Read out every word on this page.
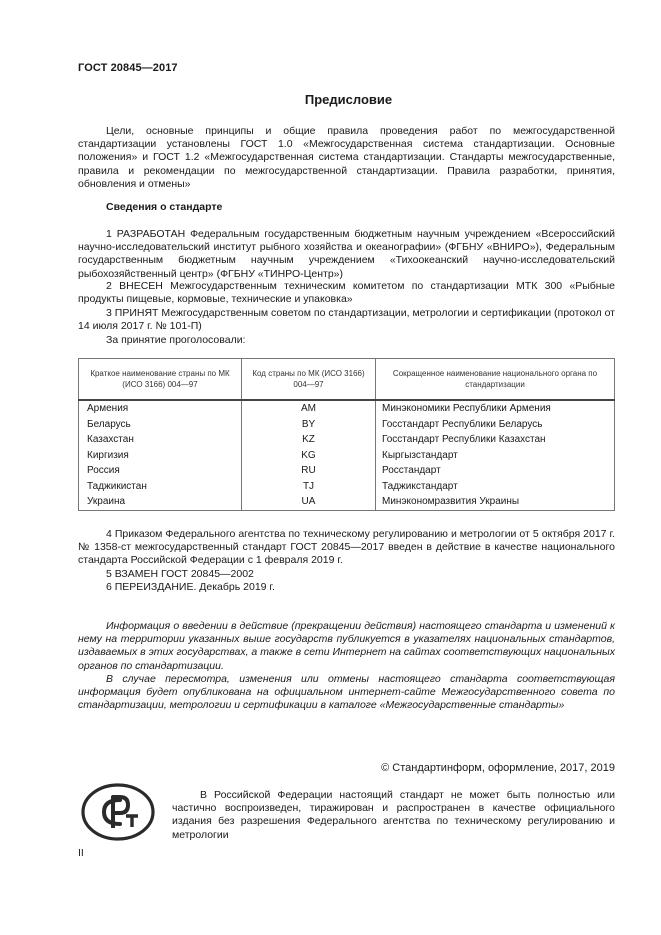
ГОСТ 20845—2017
Предисловие
Цели, основные принципы и общие правила проведения работ по межгосударственной стандартизации установлены ГОСТ 1.0 «Межгосударственная система стандартизации. Основные положения» и ГОСТ 1.2 «Межгосударственная система стандартизации. Стандарты межгосударственные, правила и рекомендации по межгосударственной стандартизации. Правила разработки, принятия, обновления и отмены»
Сведения о стандарте
1 РАЗРАБОТАН Федеральным государственным бюджетным научным учреждением «Всероссийский научно-исследовательский институт рыбного хозяйства и океанографии» (ФГБНУ «ВНИРО»), Федеральным государственным бюджетным научным учреждением «Тихоокеанский научно-исследовательский рыбохозяйственный центр» (ФГБНУ «ТИНРО-Центр»)
2 ВНЕСЕН Межгосударственным техническим комитетом по стандартизации МТК 300 «Рыбные продукты пищевые, кормовые, технические и упаковка»
3 ПРИНЯТ Межгосударственным советом по стандартизации, метрологии и сертификации (протокол от 14 июля 2017 г. № 101-П)
За принятие проголосовали:
Краткое наименование страны по МК (ИСО 3166) 004—97	Код страны по МК (ИСО 3166) 004—97	Сокращенное наименование национального органа по стандартизации
Армения	AM	Минэкономики Республики Армения
Беларусь	BY	Госстандарт Республики Беларусь
Казахстан	KZ	Госстандарт Республики Казахстан
Киргизия	KG	Кыргызстандарт
Россия	RU	Росстандарт
Таджикистан	TJ	Таджикстандарт
Украина	UA	Минэкономразвития Украины
4 Приказом Федерального агентства по техническому регулированию и метрологии от 5 октября 2017 г. № 1358-ст межгосударственный стандарт ГОСТ 20845—2017 введен в действие в качестве национального стандарта Российской Федерации с 1 февраля 2019 г.
5 ВЗАМЕН ГОСТ 20845—2002
6 ПЕРЕИЗДАНИЕ. Декабрь 2019 г.
Информация о введении в действие (прекращении действия) настоящего стандарта и изменений к нему на территории указанных выше государств публикуется в указателях национальных стандартов, издаваемых в этих государствах, а также в сети Интернет на сайтах соответствующих национальных органов по стандартизации.
В случае пересмотра, изменения или отмены настоящего стандарта соответствующая информация будет опубликована на официальном интернет-сайте Межгосударственного совета по стандартизации, метрологии и сертификации в каталоге «Межгосударственные стандарты»
© Стандартинформ, оформление, 2017, 2019
В Российской Федерации настоящий стандарт не может быть полностью или частично воспроизведен, тиражирован и распространен в качестве официального издания без разрешения Федерального агентства по техническому регулированию и метрологии
II
